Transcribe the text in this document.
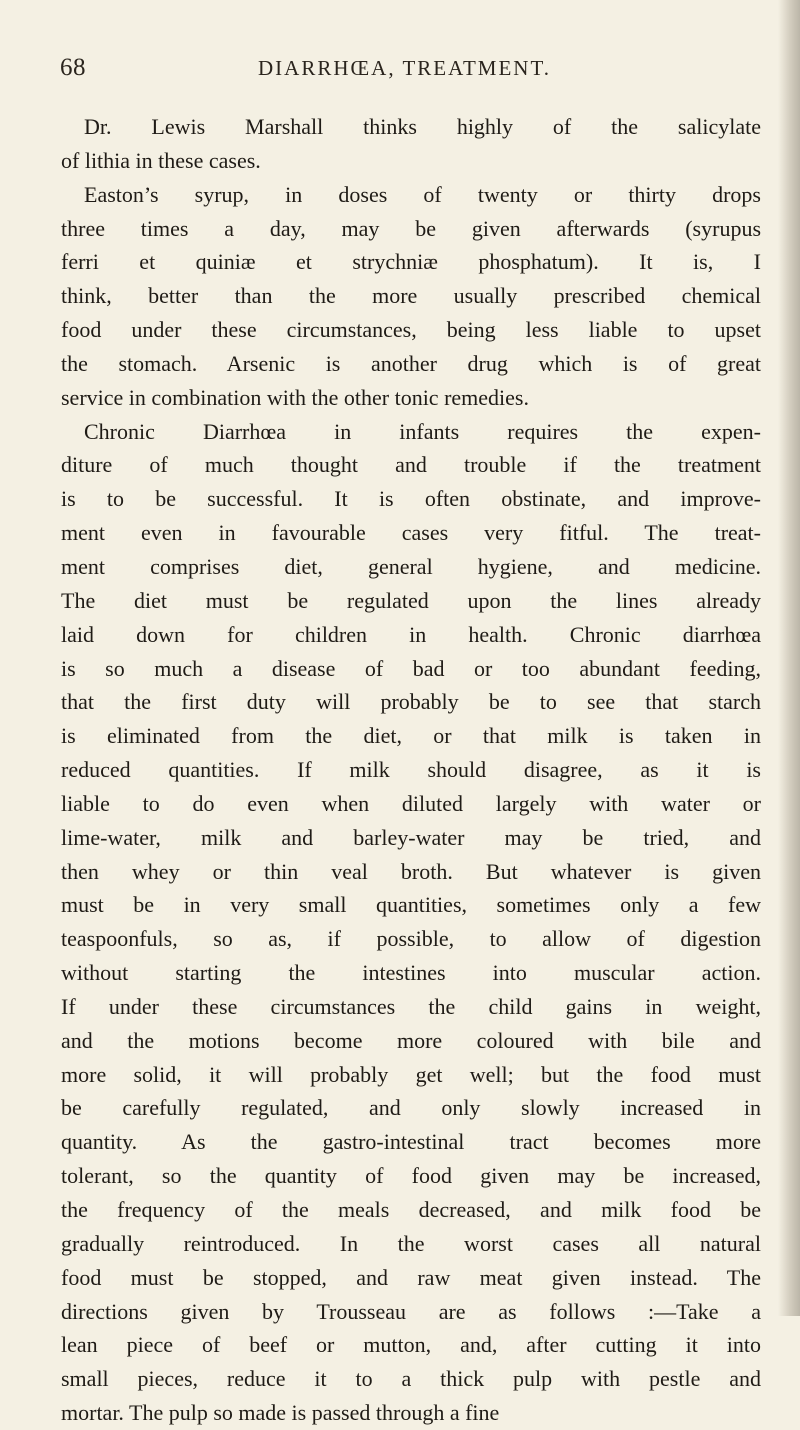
68	DIARRHŒA, TREATMENT.
Dr. Lewis Marshall thinks highly of the salicylate
of lithia in these cases.
Easton’s syrup, in doses of twenty or thirty drops
three times a day, may be given afterwards (syrupus
ferri et quiniæ et strychniæ phosphatum). It is, I
think, better than the more usually prescribed chemical
food under these circumstances, being less liable to upset
the stomach. Arsenic is another drug which is of great
service in combination with the other tonic remedies.
Chronic Diarrhœa in infants requires the expen-
diture of much thought and trouble if the treatment
is to be successful. It is often obstinate, and improve-
ment even in favourable cases very fitful. The treat-
ment comprises diet, general hygiene, and medicine.
The diet must be regulated upon the lines already
laid down for children in health. Chronic diarrhœa
is so much a disease of bad or too abundant feeding,
that the first duty will probably be to see that starch
is eliminated from the diet, or that milk is taken in
reduced quantities. If milk should disagree, as it is
liable to do even when diluted largely with water or
lime-water, milk and barley-water may be tried, and
then whey or thin veal broth. But whatever is given
must be in very small quantities, sometimes only a few
teaspoonfuls, so as, if possible, to allow of digestion
without starting the intestines into muscular action.
If under these circumstances the child gains in weight,
and the motions become more coloured with bile and
more solid, it will probably get well; but the food must
be carefully regulated, and only slowly increased in
quantity. As the gastro-intestinal tract becomes more
tolerant, so the quantity of food given may be increased,
the frequency of the meals decreased, and milk food be
gradually reintroduced. In the worst cases all natural
food must be stopped, and raw meat given instead. The
directions given by Trousseau are as follows :—Take a
lean piece of beef or mutton, and, after cutting it into
small pieces, reduce it to a thick pulp with pestle and
mortar. The pulp so made is passed through a fine
